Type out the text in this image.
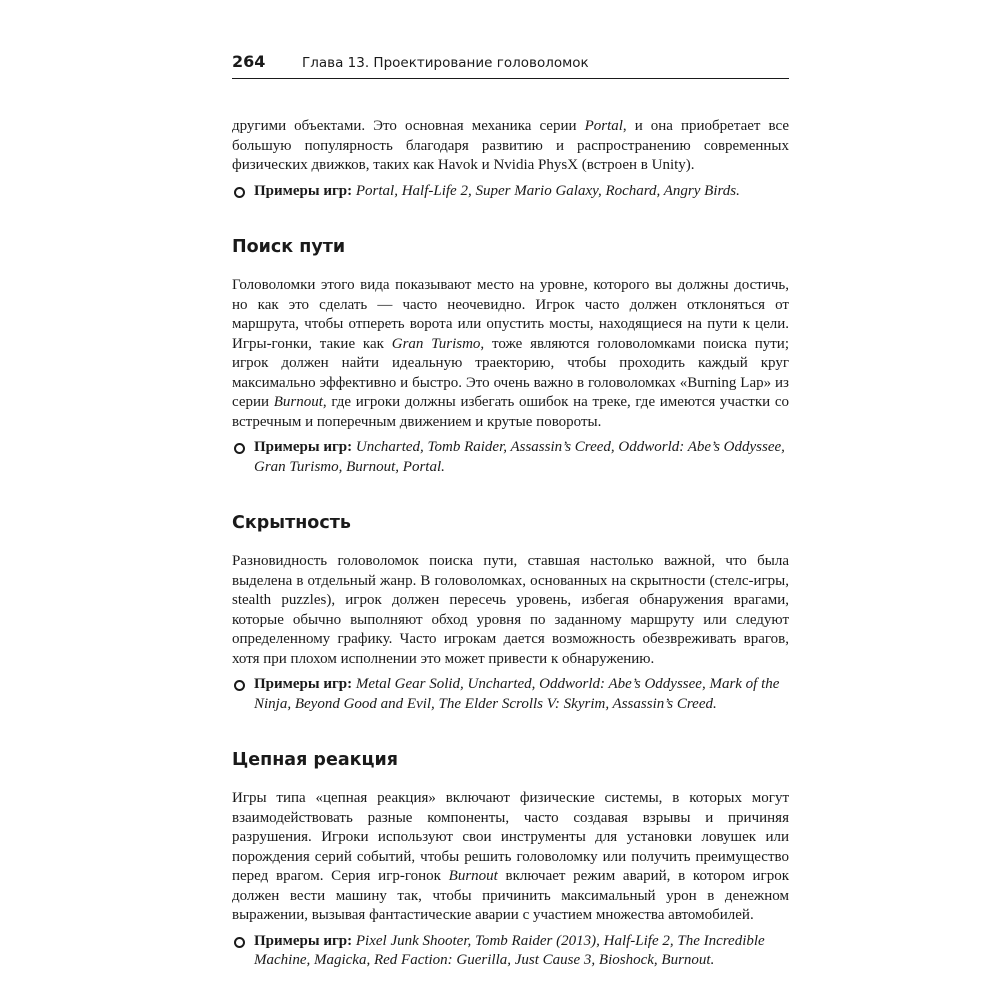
264	Глава 13. Проектирование головоломок

другими объектами. Это основная механика серии Portal, и она приобретает все большую популярность благодаря развитию и распространению современных физических движков, таких как Havok и Nvidia PhysX (встроен в Unity).

Примеры игр: Portal, Half-Life 2, Super Mario Galaxy, Rochard, Angry Birds.
Поиск пути

Головоломки этого вида показывают место на уровне, которого вы должны достичь, но как это сделать — часто неочевидно. Игрок часто должен отклоняться от маршрута, чтобы отпереть ворота или опустить мосты, находящиеся на пути к цели. Игры-гонки, такие как Gran Turismo, тоже являются головоломками поиска пути; игрок должен найти идеальную траекторию, чтобы проходить каждый круг максимально эффективно и быстро. Это очень важно в головоломках «Burning Lap» из серии Burnout, где игроки должны избегать ошибок на треке, где имеются участки со встречным и поперечным движением и крутые повороты.

Примеры игр: Uncharted, Tomb Raider, Assassin’s Creed, Oddworld: Abe’s Oddyssee, Gran Turismo, Burnout, Portal.
Скрытность

Разновидность головоломок поиска пути, ставшая настолько важной, что была выделена в отдельный жанр. В головоломках, основанных на скрытности (стелс-игры, stealth puzzles), игрок должен пересечь уровень, избегая обнаружения врагами, которые обычно выполняют обход уровня по заданному маршруту или следуют определенному графику. Часто игрокам дается возможность обезвреживать врагов, хотя при плохом исполнении это может привести к обнаружению.

Примеры игр: Metal Gear Solid, Uncharted, Oddworld: Abe’s Oddyssee, Mark of the Ninja, Beyond Good and Evil, The Elder Scrolls V: Skyrim, Assassin’s Creed.
Цепная реакция

Игры типа «цепная реакция» включают физические системы, в которых могут взаимодействовать разные компоненты, часто создавая взрывы и причиняя разрушения. Игроки используют свои инструменты для установки ловушек или порождения серий событий, чтобы решить головоломку или получить преимущество перед врагом. Серия игр-гонок Burnout включает режим аварий, в котором игрок должен вести машину так, чтобы причинить максимальный урон в денежном выражении, вызывая фантастические аварии с участием множества автомобилей.

Примеры игр: Pixel Junk Shooter, Tomb Raider (2013), Half-Life 2, The Incredible Machine, Magicka, Red Faction: Guerilla, Just Cause 3, Bioshock, Burnout.
